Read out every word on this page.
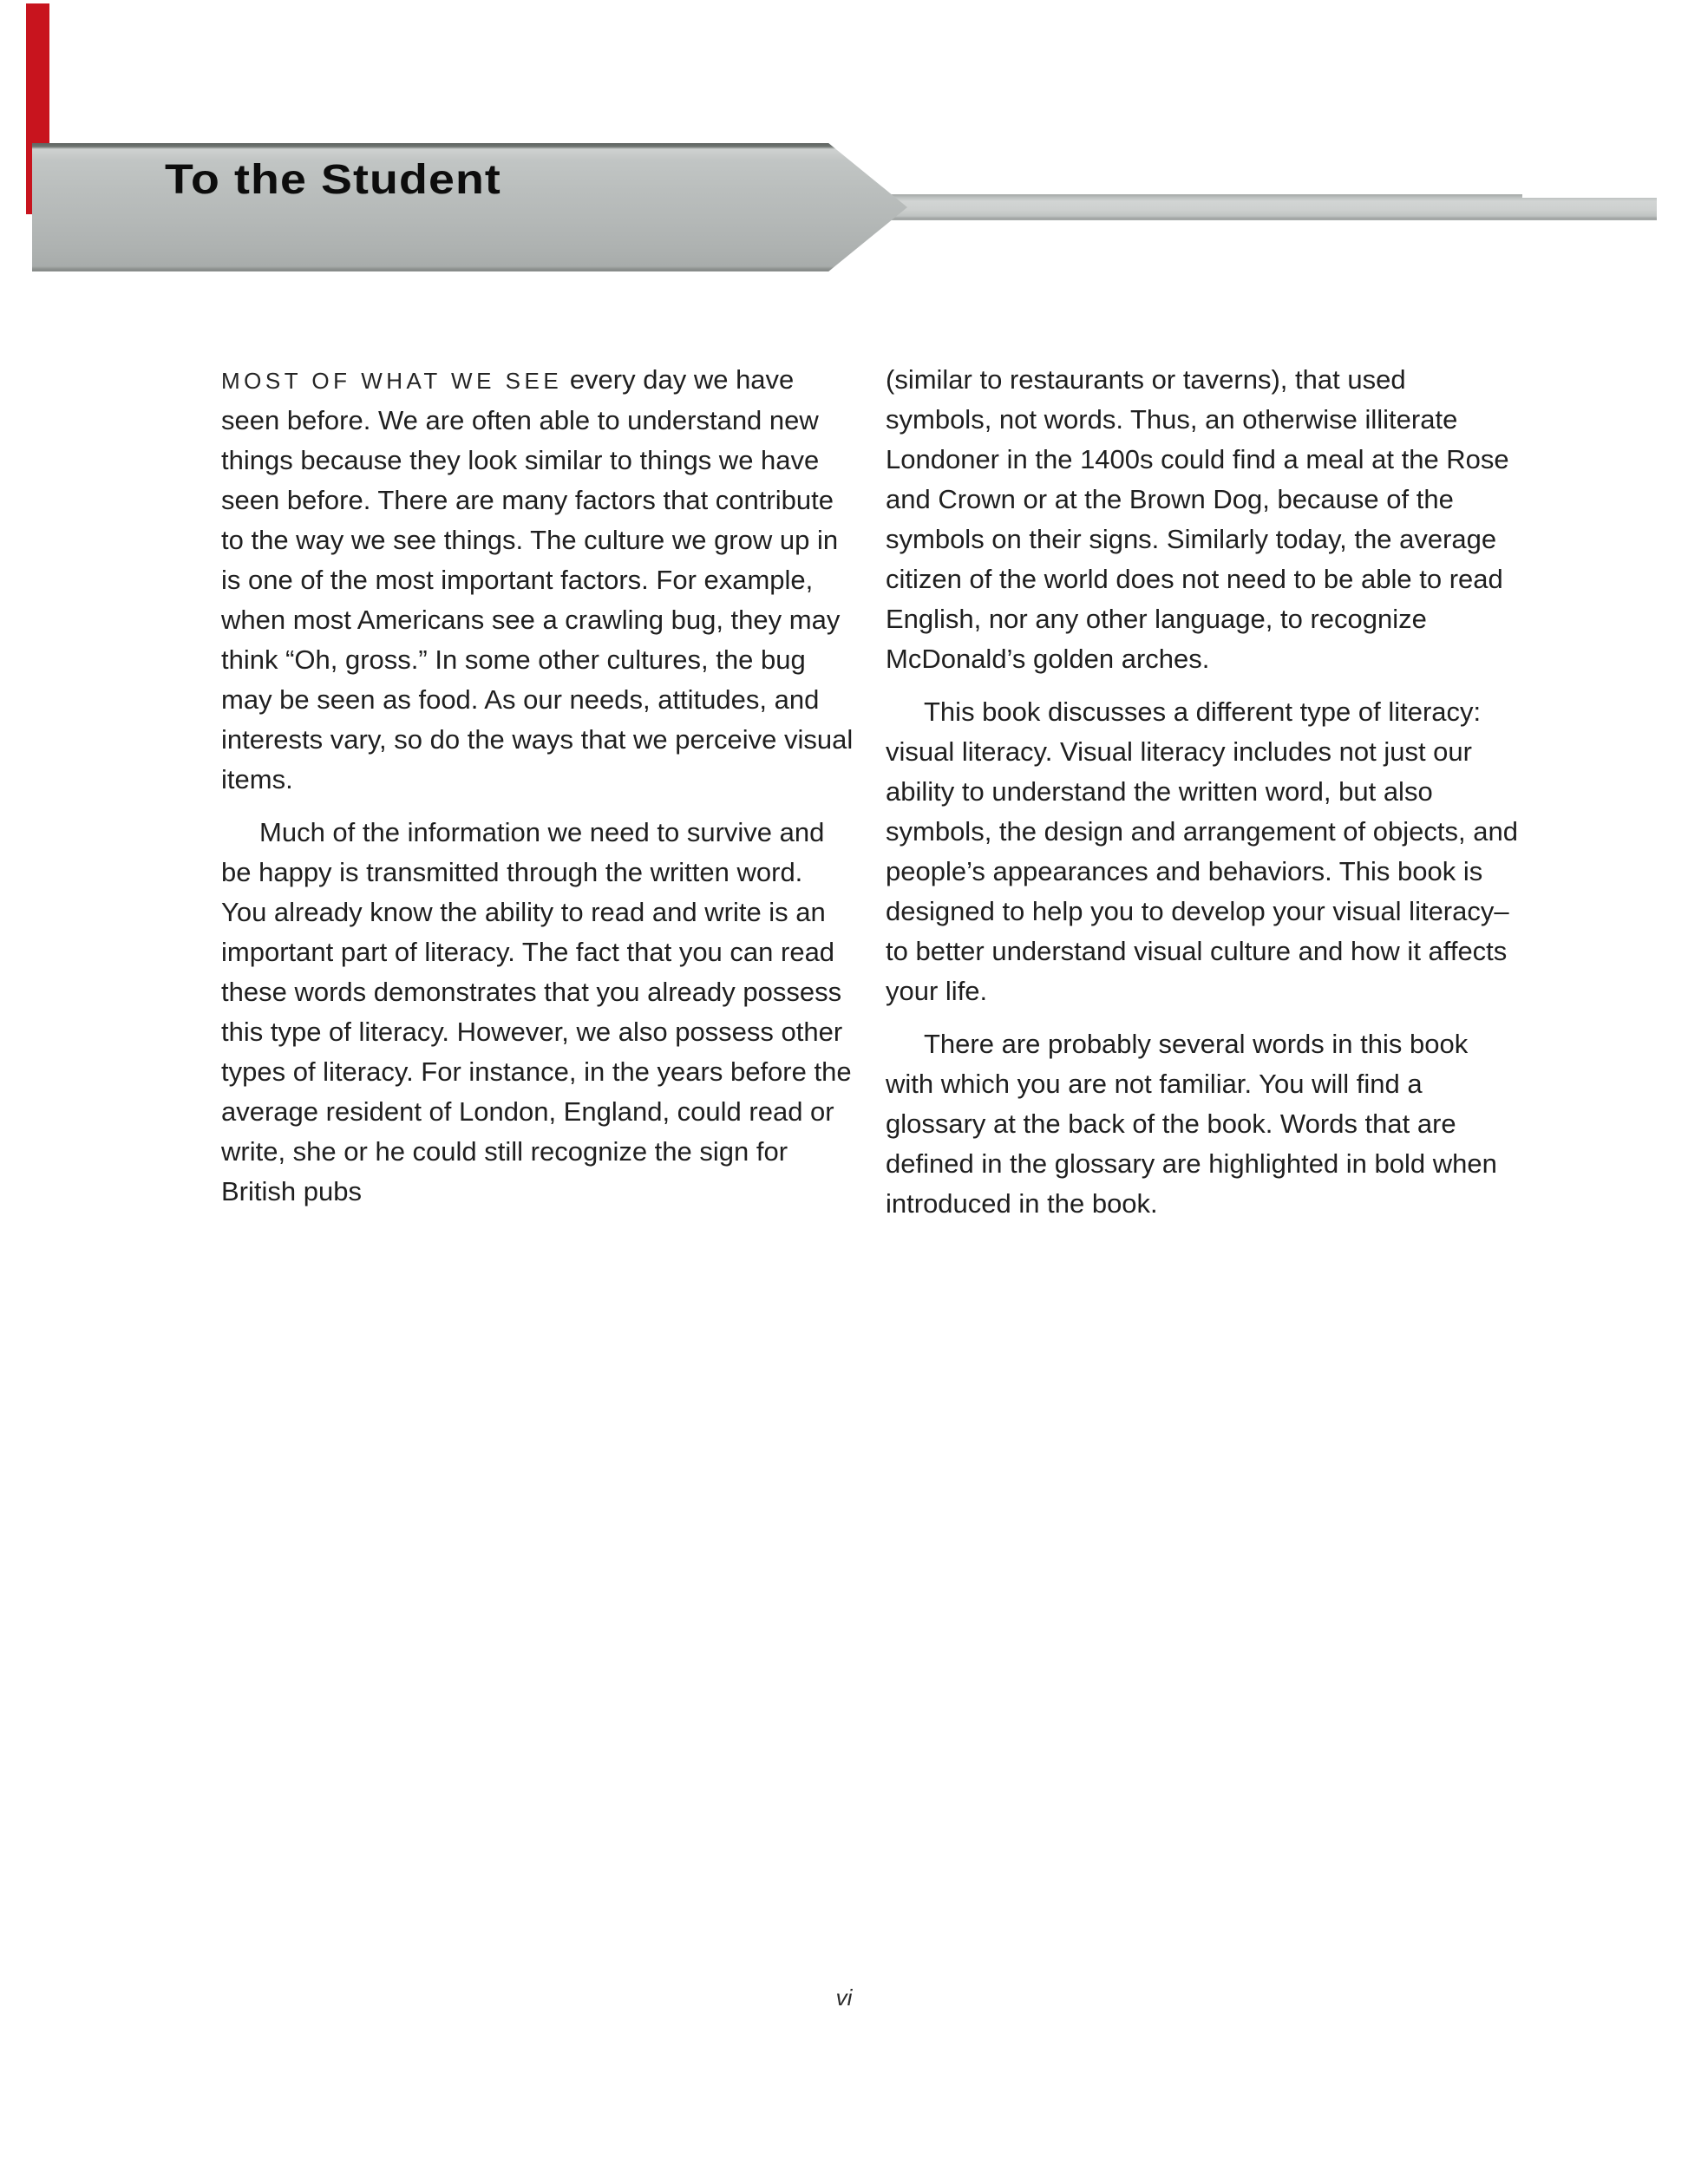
To the Student

MOST OF WHAT WE SEE every day we have seen before. We are often able to understand new things because they look similar to things we have seen before. There are many factors that contribute to the way we see things. The culture we grow up in is one of the most important factors. For example, when most Americans see a crawling bug, they may think “Oh, gross.” In some other cultures, the bug may be seen as food. As our needs, attitudes, and interests vary, so do the ways that we perceive visual items.

Much of the information we need to survive and be happy is transmitted through the written word. You already know the ability to read and write is an important part of literacy. The fact that you can read these words demonstrates that you already possess this type of literacy. However, we also possess other types of literacy. For instance, in the years before the average resident of London, England, could read or write, she or he could still recognize the sign for British pubs

(similar to restaurants or taverns), that used symbols, not words. Thus, an otherwise illiterate Londoner in the 1400s could find a meal at the Rose and Crown or at the Brown Dog, because of the symbols on their signs. Similarly today, the average citizen of the world does not need to be able to read English, nor any other language, to recognize McDonald’s golden arches.

This book discusses a different type of literacy: visual literacy. Visual literacy includes not just our ability to understand the written word, but also symbols, the design and arrangement of objects, and people’s appearances and behaviors. This book is designed to help you to develop your visual literacy–to better understand visual culture and how it affects your life.

There are probably several words in this book with which you are not familiar. You will find a glossary at the back of the book. Words that are defined in the glossary are highlighted in bold when introduced in the book.

vi
